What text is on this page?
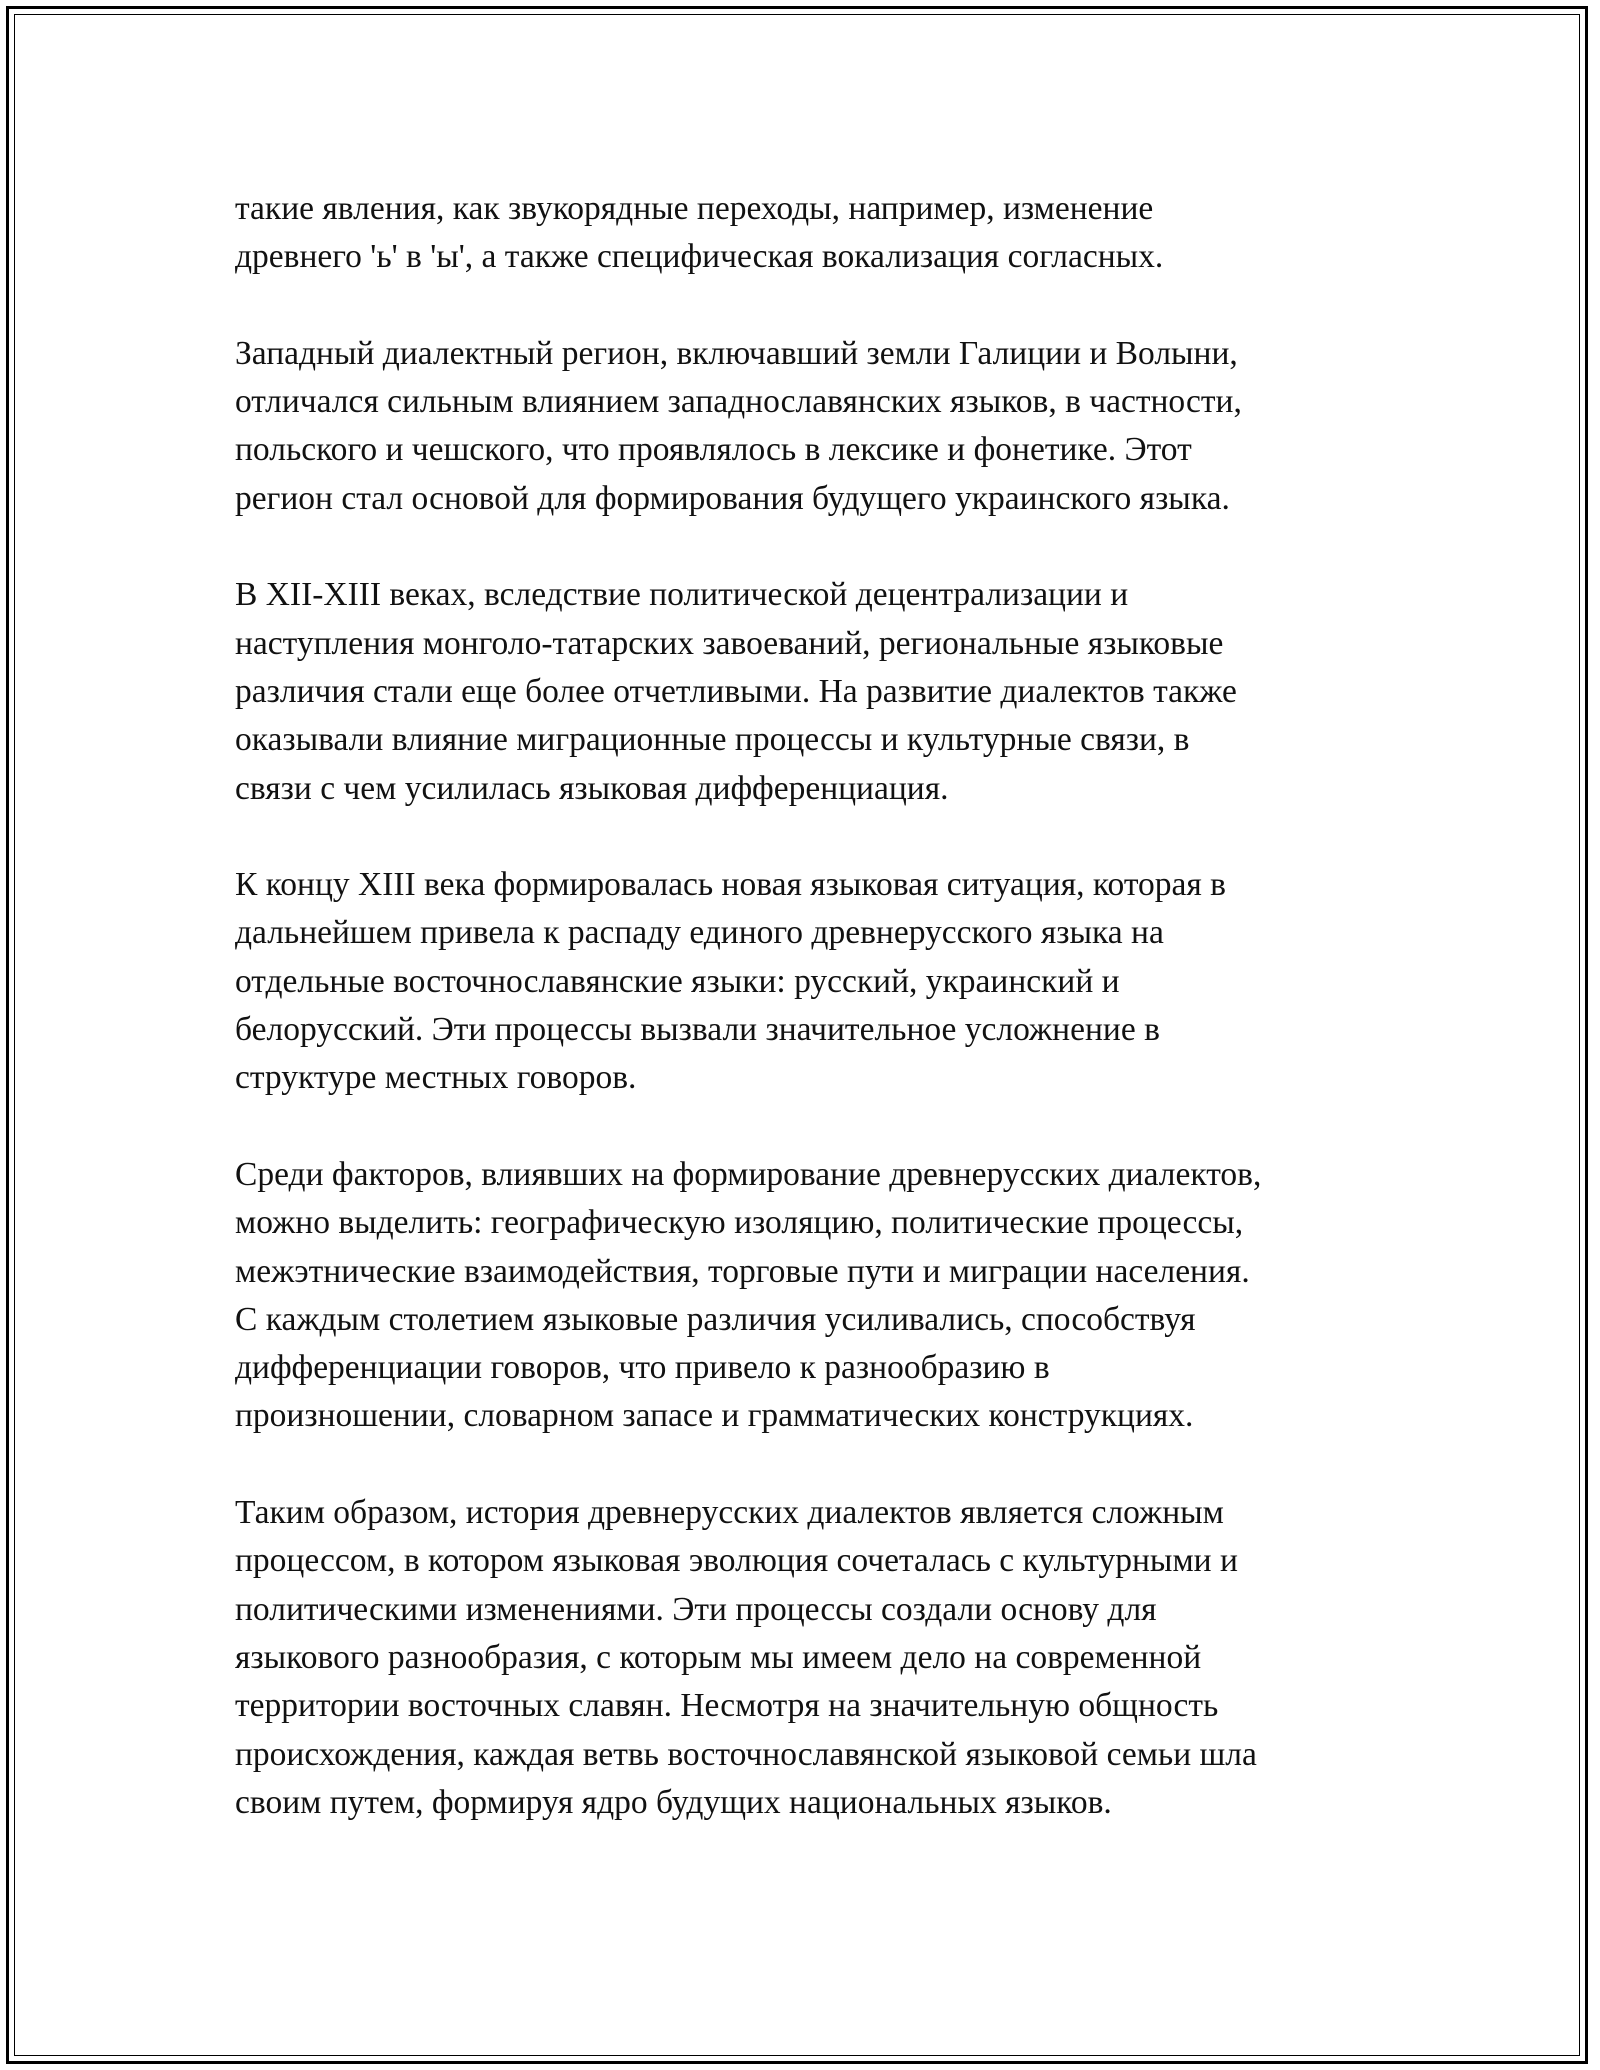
такие явления, как звукорядные переходы, например, изменение
древнего 'ь' в 'ы', а также специфическая вокализация согласных.

Западный диалектный регион, включавший земли Галиции и Волыни,
отличался сильным влиянием западнославянских языков, в частности,
польского и чешского, что проявлялось в лексике и фонетике. Этот
регион стал основой для формирования будущего украинского языка.

В XII-XIII веках, вследствие политической децентрализации и
наступления монголо-татарских завоеваний, региональные языковые
различия стали еще более отчетливыми. На развитие диалектов также
оказывали влияние миграционные процессы и культурные связи, в
связи с чем усилилась языковая дифференциация.

К концу XIII века формировалась новая языковая ситуация, которая в
дальнейшем привела к распаду единого древнерусского языка на
отдельные восточнославянские языки: русский, украинский и
белорусский. Эти процессы вызвали значительное усложнение в
структуре местных говоров.

Среди факторов, влиявших на формирование древнерусских диалектов,
можно выделить: географическую изоляцию, политические процессы,
межэтнические взаимодействия, торговые пути и миграции населения.
С каждым столетием языковые различия усиливались, способствуя
дифференциации говоров, что привело к разнообразию в
произношении, словарном запасе и грамматических конструкциях.

Таким образом, история древнерусских диалектов является сложным
процессом, в котором языковая эволюция сочеталась с культурными и
политическими изменениями. Эти процессы создали основу для
языкового разнообразия, с которым мы имеем дело на современной
территории восточных славян. Несмотря на значительную общность
происхождения, каждая ветвь восточнославянской языковой семьи шла
своим путем, формируя ядро будущих национальных языков.
